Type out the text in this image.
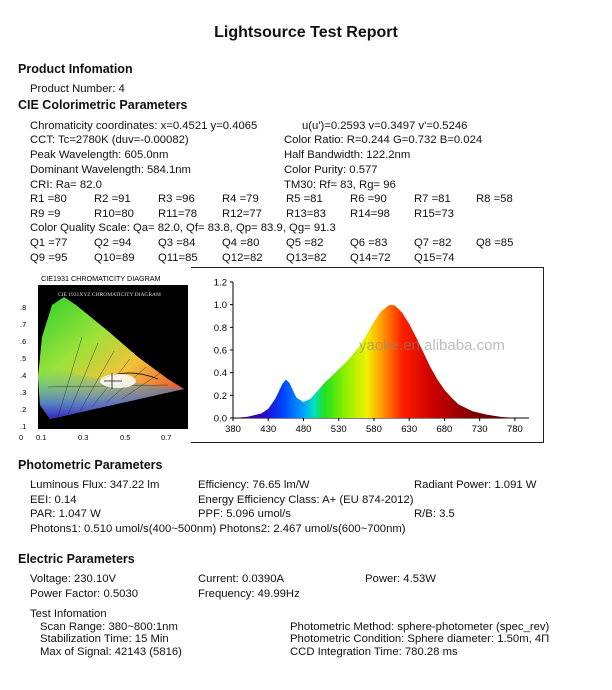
Lightsource Test Report
Product Infomation
Product Number: 4
CIE Colorimetric Parameters
Chromaticity coordinates: x=0.4521 y=0.4065	u(u')=0.2593 v=0.3497 v'=0.5246
CCT: Tc=2780K (duv=-0.00082)	Color Ratio: R=0.244 G=0.732 B=0.024
Peak Wavelength: 605.0nm	Half Bandwidth: 122.2nm
Dominant Wavelength: 584.1nm	Color Purity: 0.577
CRI: Ra= 82.0	TM30: Rf= 83, Rg= 96
R1 =80 R2 =91 R3 =96 R4 =79 R5 =81 R6 =90 R7 =81 R8 =58
R9 =9	R10=80 R11=78 R12=77 R13=83 R14=98 R15=73
Color Quality Scale: Qa= 82.0, Qf= 83.8, Qp= 83.9, Qg= 91.3
Q1 =77 Q2 =94 Q3 =84 Q4 =80 Q5 =82 Q6 =83 Q7 =82 Q8 =85
Q9 =95 Q10=89 Q11=85 Q12=82 Q13=82 Q14=72 Q15=74
CIE1931 CHROMATICITY DIAGRAM
CIE 1931XYZ CHROMATICITY DIAGRAM
.8
.7
.6
.5
.4
.3
.2
.1
0 0.1	0.3	0.5	0.7
0.0
0.2
0.4
0.6
0.8
1.0
1.2
380 430 480 530 580 630 680 730 780
yaoke.en.alibaba.com
Photometric Parameters
Luminous Flux: 347.22 lm	Efficiency: 76.65 lm/W	Radiant Power: 1.091 W
EEI: 0.14	Energy Efficiency Class: A+ (EU 874-2012)
PAR: 1.047 W	PPF: 5.096 umol/s	R/B: 3.5
Photons1: 0.510 umol/s(400~500nm) Photons2: 2.467 umol/s(600~700nm)
Electric Parameters
Voltage: 230.10V	Current: 0.0390A	Power: 4.53W
Power Factor: 0.5030	Frequency: 49.99Hz
Test Infomation
Scan Range: 380~800:1nm	Photometric Method: sphere-photometer (spec_rev)
Stabilization Time: 15 Min	Photometric Condition: Sphere diameter: 1.50m, 4Π
Max of Signal: 42143 (5816)	CCD Integration Time: 780.28 ms
